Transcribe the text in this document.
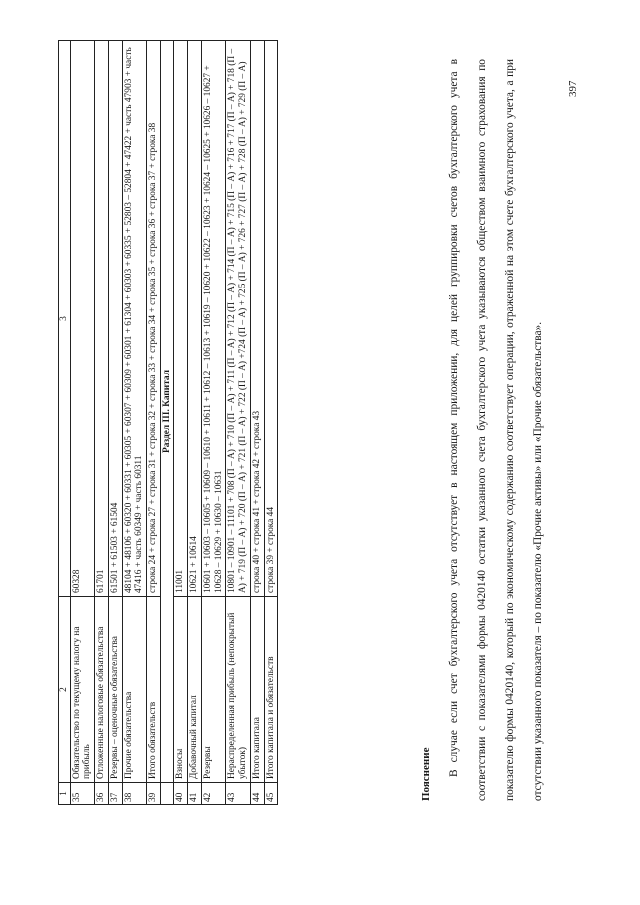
1	2	3
35	Обязательство по текущему налогу на прибыль	60328
36	Отложенные налоговые обязательства	61701
37	Резервы – оценочные обязательства	61501 + 61503 + 61504
38	Прочие обязательства	48104 + 48106 + 60320 + 60331 + 60305 + 60307 + 60309 + 60301 + 61304 + 60303 + 60335 + 52803 – 52804 + 47422 + часть 47903 + часть 47416 + часть 60349 + часть 60311
39	Итого обязательств	строка 24 + строка 27 + строка 31 + строка 32 + строка 33 + строка 34 + строка 35 + строка 36 + строка 37 + строка 38
	Раздел III. Капитал	
40	Взносы	11001
41	Добавочный капитал	10621 + 10614
42	Резервы	10601 + 10603 – 10605 + 10609 – 10610 + 10611 + 10612 – 10613 + 10619 – 10620 + 10622 – 10623 + 10624 – 10625 + 10626 – 10627 + 10628 – 10629 + 10630 – 10631
43	Нераспределенная прибыль (непокрытый убыток)	10801 – 10901 – 11101 + 708 (П – А) + 710 (П – А) + 711 (П – А) + 712 (П – А) + 714 (П – А) + 715 (П – А) + 716 + 717 (П – А) + 718 (П – А) + 719 (П – А) + 720 (П – А) + 721 (П – А) + 722 (П – А) +724 (П – А) + 725 (П – А) + 726 + 727 (П – А) + 728 (П – А) + 729 (П – А)
44	Итого капитала	строка 40 + строка 41 + строка 42 + строка 43
45	Итого капитала и обязательств	строка 39 + строка 44
Пояснение	В случае если счет бухгалтерского учета отсутствует в настоящем приложении, для целей группировки счетов бухгалтерского учета в соответствии с показателями формы 0420140 остатки указанного счета бухгалтерского учета указываются обществом взаимного страхования по показателю формы 0420140, который по экономическому содержанию соответствует операции, отраженной на этом счете бухгалтерского учета, а при отсутствии указанного показателя – по показателю «Прочие активы» или «Прочие обязательства».

397
